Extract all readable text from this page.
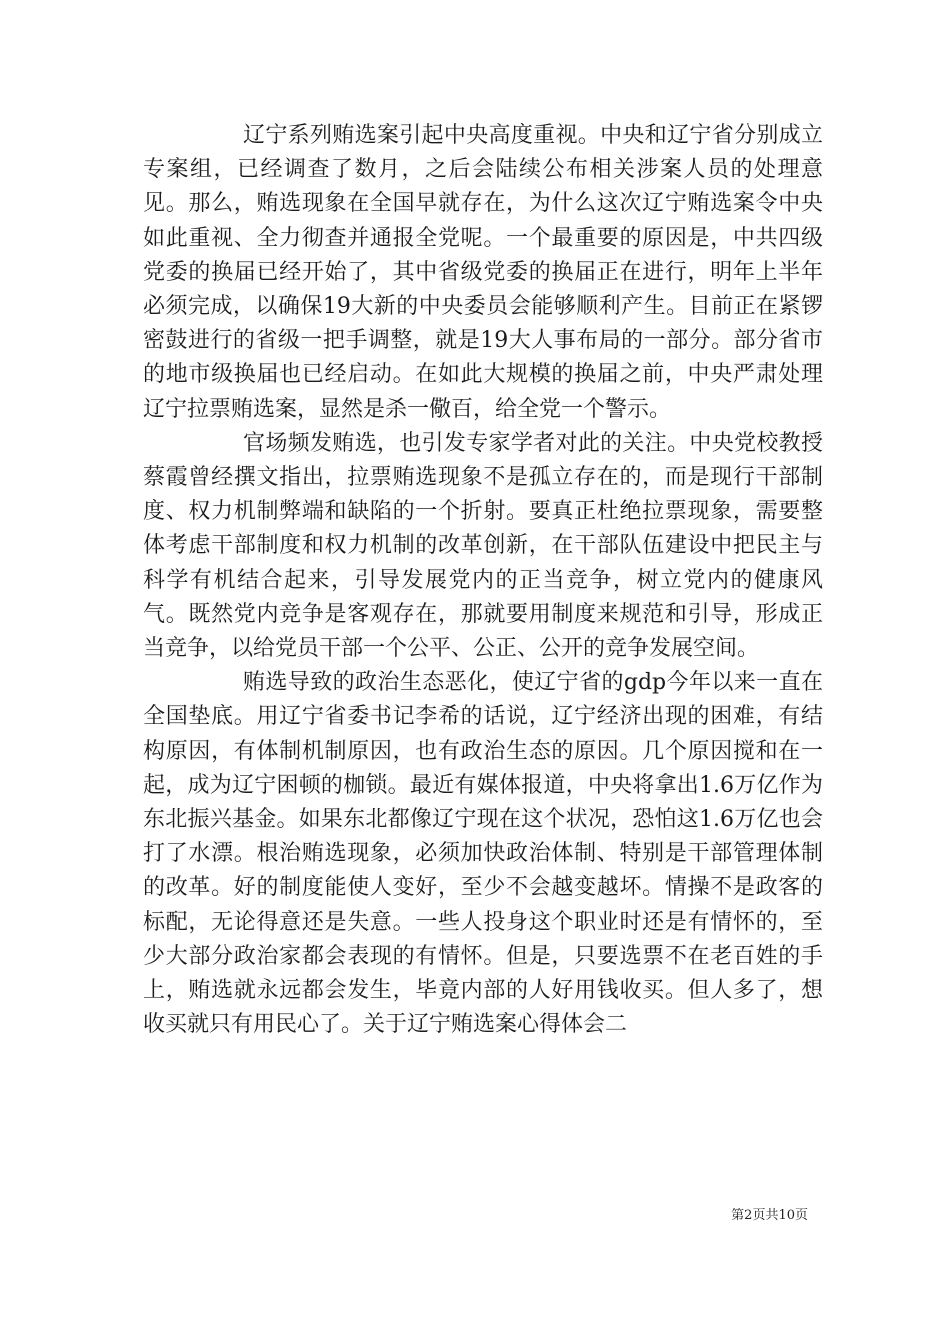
辽宁系列贿选案引起中央高度重视。中央和辽宁省分别成立专案组，已经调查了数月，之后会陆续公布相关涉案人员的处理意见。那么，贿选现象在全国早就存在，为什么这次辽宁贿选案令中央如此重视、全力彻查并通报全党呢。一个最重要的原因是，中共四级党委的换届已经开始了，其中省级党委的换届正在进行，明年上半年必须完成，以确保19大新的中央委员会能够顺利产生。目前正在紧锣密鼓进行的省级一把手调整，就是19大人事布局的一部分。部分省市的地市级换届也已经启动。在如此大规模的换届之前，中央严肃处理辽宁拉票贿选案，显然是杀一儆百，给全党一个警示。

官场频发贿选，也引发专家学者对此的关注。中央党校教授蔡霞曾经撰文指出，拉票贿选现象不是孤立存在的，而是现行干部制度、权力机制弊端和缺陷的一个折射。要真正杜绝拉票现象，需要整体考虑干部制度和权力机制的改革创新，在干部队伍建设中把民主与科学有机结合起来，引导发展党内的正当竞争，树立党内的健康风气。既然党内竞争是客观存在，那就要用制度来规范和引导，形成正当竞争，以给党员干部一个公平、公正、公开的竞争发展空间。

贿选导致的政治生态恶化，使辽宁省的gdp今年以来一直在全国垫底。用辽宁省委书记李希的话说，辽宁经济出现的困难，有结构原因，有体制机制原因，也有政治生态的原因。几个原因搅和在一起，成为辽宁困顿的枷锁。最近有媒体报道，中央将拿出1.6万亿作为东北振兴基金。如果东北都像辽宁现在这个状况，恐怕这1.6万亿也会打了水漂。根治贿选现象，必须加快政治体制、特别是干部管理体制的改革。好的制度能使人变好，至少不会越变越坏。情操不是政客的标配，无论得意还是失意。一些人投身这个职业时还是有情怀的，至少大部分政治家都会表现的有情怀。但是，只要选票不在老百姓的手上，贿选就永远都会发生，毕竟内部的人好用钱收买。但人多了，想收买就只有用民心了。关于辽宁贿选案心得体会二

第2页共10页
